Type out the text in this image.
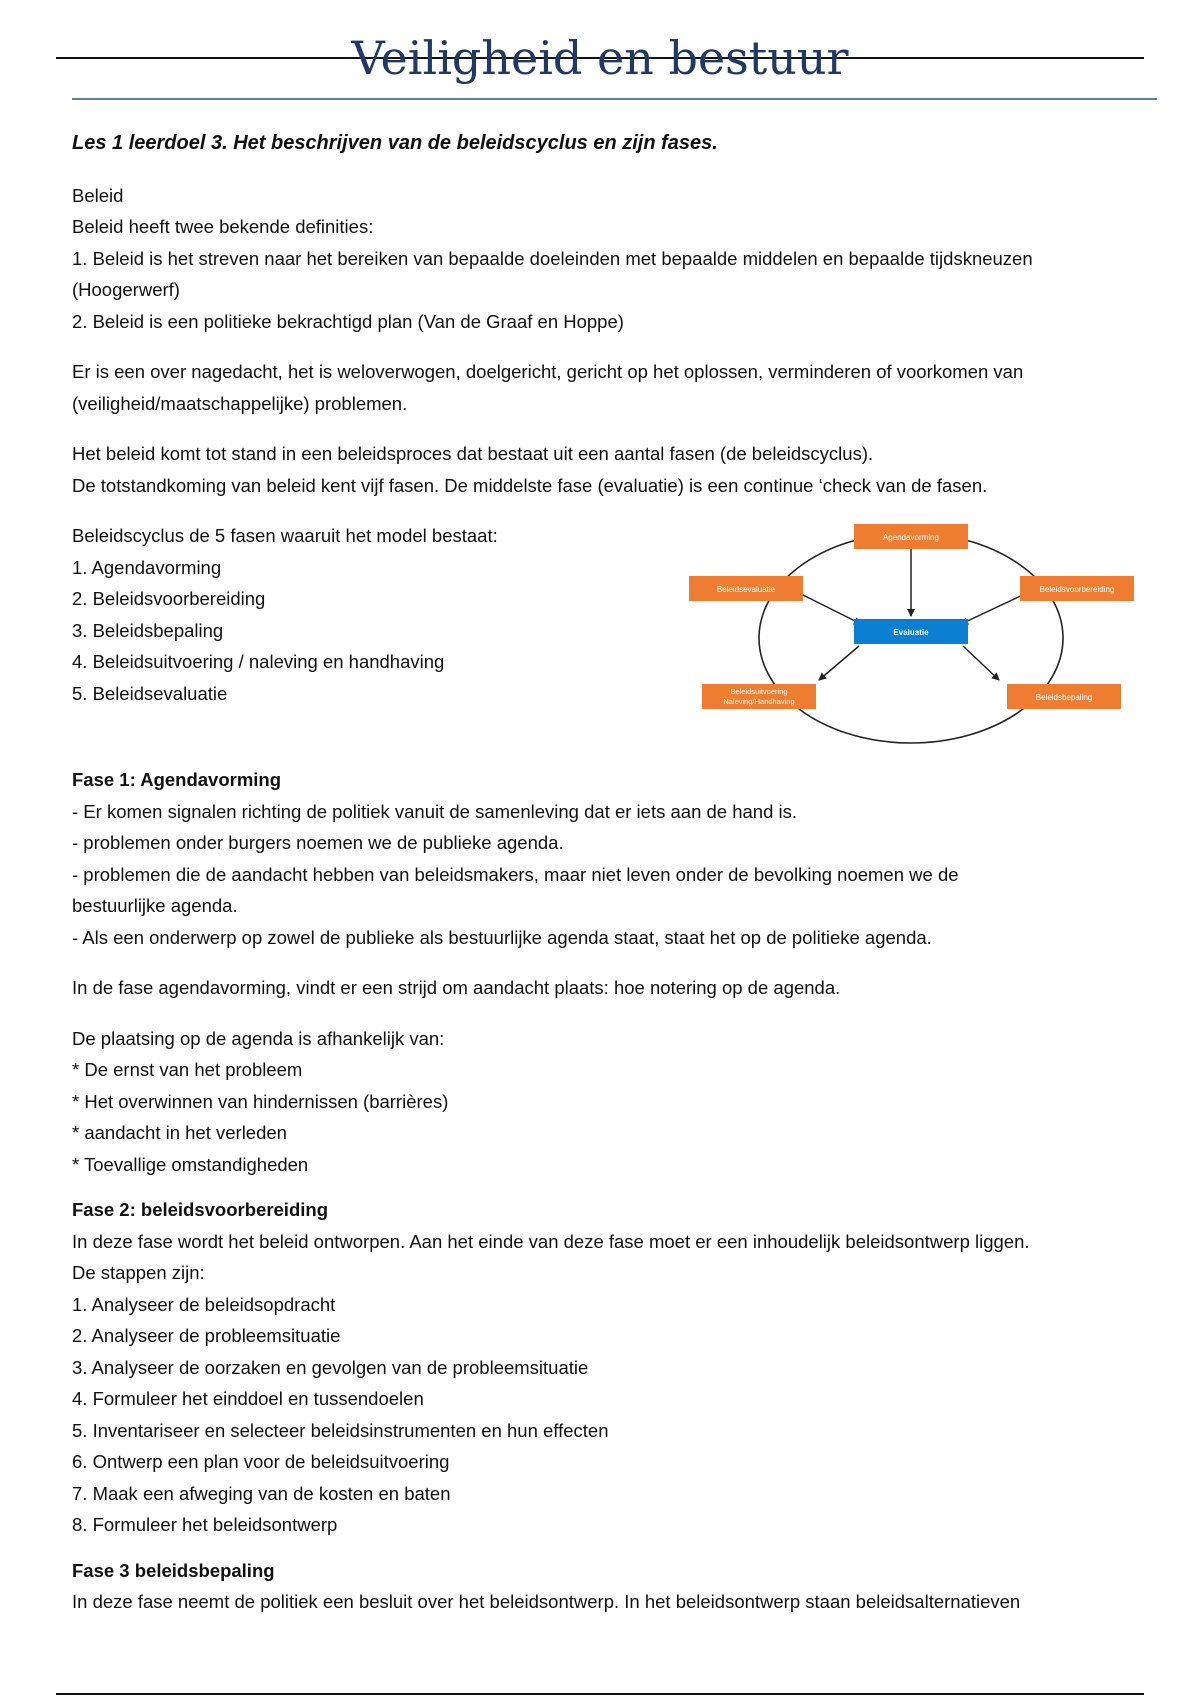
Veiligheid en bestuur

Les 1 leerdoel 3. Het beschrijven van de beleidscyclus en zijn fases.

Beleid

Beleid heeft twee bekende definities:

1. Beleid is het streven naar het bereiken van bepaalde doeleinden met bepaalde middelen en bepaalde tijdskneuzen

(Hoogerwerf)

2. Beleid is een politieke bekrachtigd plan (Van de Graaf en Hoppe)

Er is een over nagedacht, het is weloverwogen, doelgericht, gericht op het oplossen, verminderen of voorkomen van

(veiligheid/maatschappelijke) problemen.

Het beleid komt tot stand in een beleidsproces dat bestaat uit een aantal fasen (de beleidscyclus).

De totstandkoming van beleid kent vijf fasen. De middelste fase (evaluatie) is een continue ‘check van de fasen.

Beleidscyclus de 5 fasen waaruit het model bestaat:

1. Agendavorming

2. Beleidsvoorbereiding

3. Beleidsbepaling

4. Beleidsuitvoering / naleving en handhaving

5. Beleidsevaluatie

Agendavorming
Beleidsevaluatie	Beleidsvoorbereiding
Evaluatie
Beleidsuitvoering
Naleving/Handhaving	Beleidsbepaling

Fase 1: Agendavorming

- Er komen signalen richting de politiek vanuit de samenleving dat er iets aan de hand is.

- problemen onder burgers noemen we de publieke agenda.

- problemen die de aandacht hebben van beleidsmakers, maar niet leven onder de bevolking noemen we de

bestuurlijke agenda.

- Als een onderwerp op zowel de publieke als bestuurlijke agenda staat, staat het op de politieke agenda.

In de fase agendavorming, vindt er een strijd om aandacht plaats: hoe notering op de agenda.

De plaatsing op de agenda is afhankelijk van:

* De ernst van het probleem

* Het overwinnen van hindernissen (barrières)

* aandacht in het verleden

* Toevallige omstandigheden

Fase 2: beleidsvoorbereiding

In deze fase wordt het beleid ontworpen. Aan het einde van deze fase moet er een inhoudelijk beleidsontwerp liggen.

De stappen zijn:

1. Analyseer de beleidsopdracht

2. Analyseer de probleemsituatie

3. Analyseer de oorzaken en gevolgen van de probleemsituatie

4. Formuleer het einddoel en tussendoelen

5. Inventariseer en selecteer beleidsinstrumenten en hun effecten

6. Ontwerp een plan voor de beleidsuitvoering

7. Maak een afweging van de kosten en baten

8. Formuleer het beleidsontwerp

Fase 3 beleidsbepaling

In deze fase neemt de politiek een besluit over het beleidsontwerp. In het beleidsontwerp staan beleidsalternatieven
